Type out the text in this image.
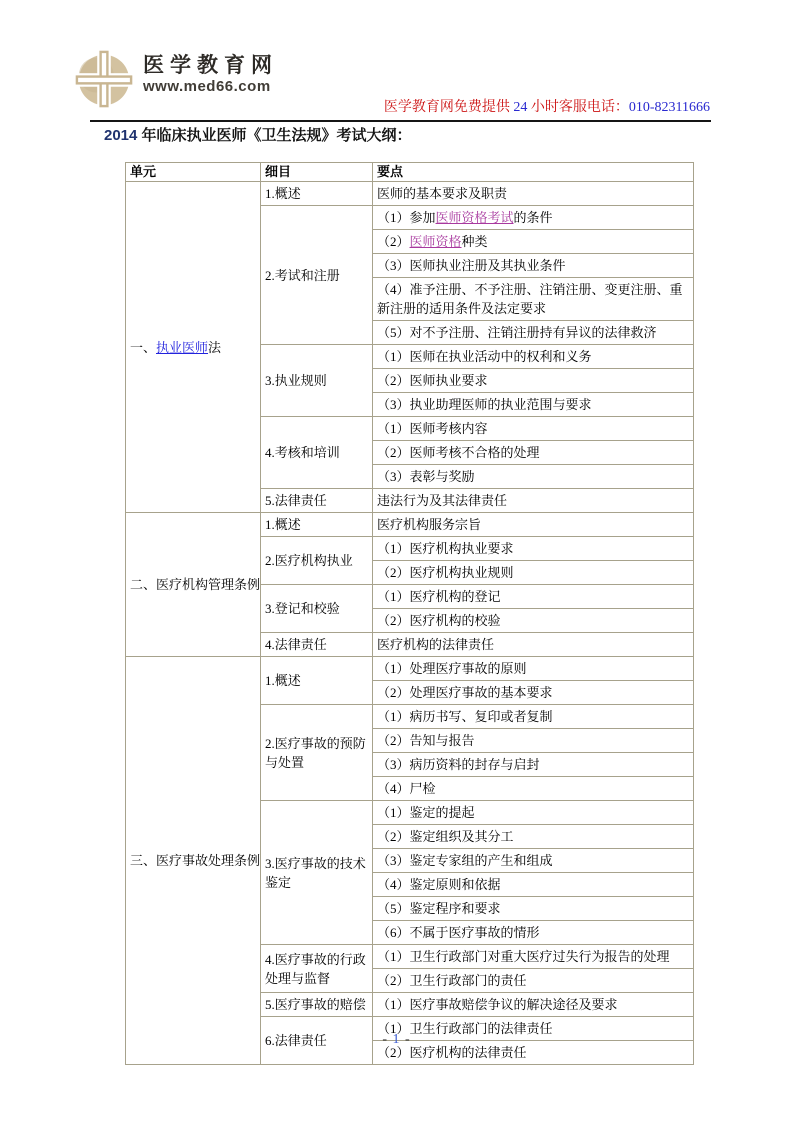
医学教育网
www.med66.com
医学教育网免费提供 24 小时客服电话：010-82311666
2014 年临床执业医师《卫生法规》考试大纲：
单元	细目	要点
一、执业医师法	1.概述	医师的基本要求及职责
	2.考试和注册	（1）参加医师资格考试的条件
		（2）医师资格种类
		（3）医师执业注册及其执业条件
		（4）准予注册、不予注册、注销注册、变更注册、重新注册的适用条件及法定要求
		（5）对不予注册、注销注册持有异议的法律救济
	3.执业规则	（1）医师在执业活动中的权利和义务
		（2）医师执业要求
		（3）执业助理医师的执业范围与要求
	4.考核和培训	（1）医师考核内容
		（2）医师考核不合格的处理
		（3）表彰与奖励
	5.法律责任	违法行为及其法律责任
二、医疗机构管理条例	1.概述	医疗机构服务宗旨
	2.医疗机构执业	（1）医疗机构执业要求
		（2）医疗机构执业规则
	3.登记和校验	（1）医疗机构的登记
		（2）医疗机构的校验
	4.法律责任	医疗机构的法律责任
三、医疗事故处理条例	1.概述	（1）处理医疗事故的原则
		（2）处理医疗事故的基本要求
	2.医疗事故的预防与处置	（1）病历书写、复印或者复制
		（2）告知与报告
		（3）病历资料的封存与启封
		（4）尸检
	3.医疗事故的技术鉴定	（1）鉴定的提起
		（2）鉴定组织及其分工
		（3）鉴定专家组的产生和组成
		（4）鉴定原则和依据
		（5）鉴定程序和要求
		（6）不属于医疗事故的情形
	4.医疗事故的行政处理与监督	（1）卫生行政部门对重大医疗过失行为报告的处理
		（2）卫生行政部门的责任
	5.医疗事故的赔偿	（1）医疗事故赔偿争议的解决途径及要求
	6.法律责任	（1）卫生行政部门的法律责任
		（2）医疗机构的法律责任
- 1 -
